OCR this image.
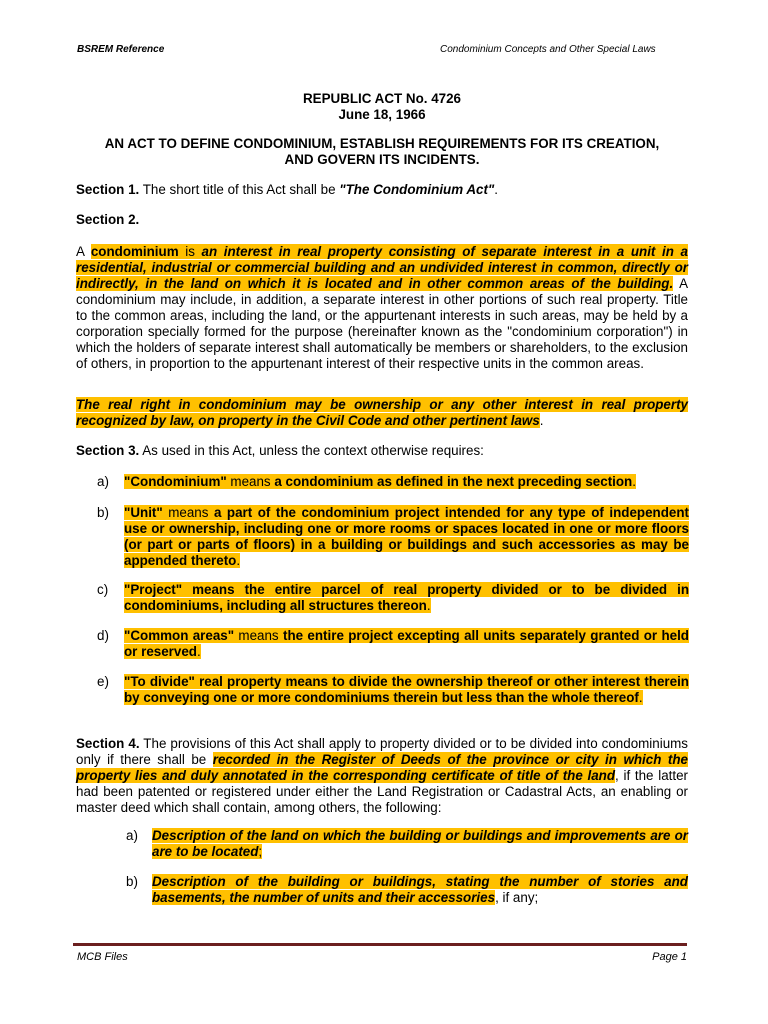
BSREM Reference	Condominium Concepts and Other Special Laws
REPUBLIC ACT No. 4726
June 18, 1966
AN ACT TO DEFINE CONDOMINIUM, ESTABLISH REQUIREMENTS FOR ITS CREATION,
AND GOVERN ITS INCIDENTS.
Section 1. The short title of this Act shall be "The Condominium Act".
Section 2.
A condominium is an interest in real property consisting of separate interest in a unit in a residential, industrial or commercial building and an undivided interest in common, directly or indirectly, in the land on which it is located and in other common areas of the building. A condominium may include, in addition, a separate interest in other portions of such real property. Title to the common areas, including the land, or the appurtenant interests in such areas, may be held by a corporation specially formed for the purpose (hereinafter known as the "condominium corporation") in which the holders of separate interest shall automatically be members or shareholders, to the exclusion of others, in proportion to the appurtenant interest of their respective units in the common areas.
The real right in condominium may be ownership or any other interest in real property recognized by law, on property in the Civil Code and other pertinent laws.
Section 3. As used in this Act, unless the context otherwise requires:
a) "Condominium" means a condominium as defined in the next preceding section.
b) "Unit" means a part of the condominium project intended for any type of independent use or ownership, including one or more rooms or spaces located in one or more floors (or part or parts of floors) in a building or buildings and such accessories as may be appended thereto.
c) "Project" means the entire parcel of real property divided or to be divided in condominiums, including all structures thereon.
d) "Common areas" means the entire project excepting all units separately granted or held or reserved.
e) "To divide" real property means to divide the ownership thereof or other interest therein by conveying one or more condominiums therein but less than the whole thereof.
Section 4. The provisions of this Act shall apply to property divided or to be divided into condominiums only if there shall be recorded in the Register of Deeds of the province or city in which the property lies and duly annotated in the corresponding certificate of title of the land, if the latter had been patented or registered under either the Land Registration or Cadastral Acts, an enabling or master deed which shall contain, among others, the following:
a) Description of the land on which the building or buildings and improvements are or are to be located;
b) Description of the building or buildings, stating the number of stories and basements, the number of units and their accessories, if any;
MCB Files	Page 1
